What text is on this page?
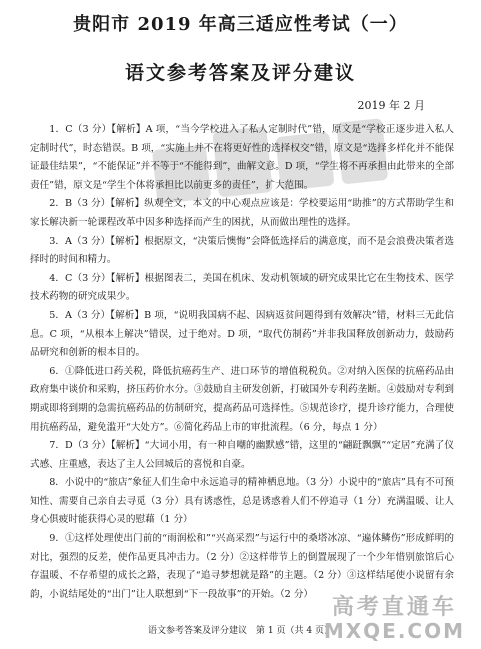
贵阳市 2019 年高三适应性考试（一）
语文参考答案及评分建议
2019 年 2 月

1．C（3 分）【解析】A 项，“当今学校进入了私人定制时代”错，原文是“学校正逐步进入私人定制时代”，时态错误。B 项，“实施上并不在将更好性的选择权交”错，原文是“选择多样化并不能保证最佳结果”，“不能保证”并不等于“不能得到”，曲解文意。D 项，“学生将不再承担由此带来的全部责任”错，原文是“学生个体将承担比以前更多的责任”，扩大范围。

2．B（3 分）【解析】纵观全文，本文的中心观点应该是：学校要运用“助推”的方式帮助学生和家长解决新一轮课程改革中因多种选择而产生的困扰，从而做出理性的选择。

3．A（3 分）【解析】根据原文，“决策后懊悔”会降低选择后的满意度，而不是会浪费决策者选择时的时间和精力。

4．C（3 分）【解析】根据图表二，美国在机床、发动机领域的研究成果比它在生物技术、医学技术药物的研究成果少。

5．A（3 分）【解析】B 项，“说明我国病不起、因病返贫问题得到有效解决”错，材料三无此信息。C 项，“从根本上解决”错误，过于绝对。D 项，“取代仿制药”并非我国释放创新动力，鼓励药品研究和创新的根本目的。

6．①降低进口药关税，降低抗癌药生产、进口环节的增值税税负。②对纳入医保的抗癌药品由政府集中谈价和采购，挤压药价水分。③鼓励自主研发创新，打破国外专利药垄断。④鼓励对专利到期或即将到期的急需抗癌药品的仿制研究，提高药品可选择性。⑤规范诊疗，提升诊疗能力，合理使用抗癌药品，避免滥开“大处方”。⑥简化药品上市的审批流程。（6 分，每点 1 分）

7．D（3 分）【解析】“大词小用，有一种自嘲的幽默感”错，这里的“翩跹飘飘”“定居”充满了仪式感、庄重感，表达了主人公回城后的喜悦和自豪。

8．小说中的“旅店”象征人们生命中永远追寻的精神栖息地。（3 分）小说中的“旅店”具有不可预知性、需要自己亲自去寻觅（3 分）具有诱惑性，总是诱惑着人们不停追寻（1 分）充满温暖、让人身心俱疲时能获得心灵的慰藉（1 分）

9．①这样处理使出门前的“雨润松和”“兴高采烈”与运行中的桑塔冰凉、“遍体鳞伤”形成鲜明的对比，强烈的反差，使作品更具冲击力。（2 分）②这样带节上的倒置展现了一个少年惜别旅馆后心存温暖、不存希望的成长之路，表现了“追寻梦想就是路”的主题。（2 分）③这样结尾使小说留有余韵，小说结尾处的“出门”让人联想到“下一段故事”的开始。（2 分）

语文参考答案及评分建议　第 1 页（共 4 页）
高考直通车
MXQE.COM
